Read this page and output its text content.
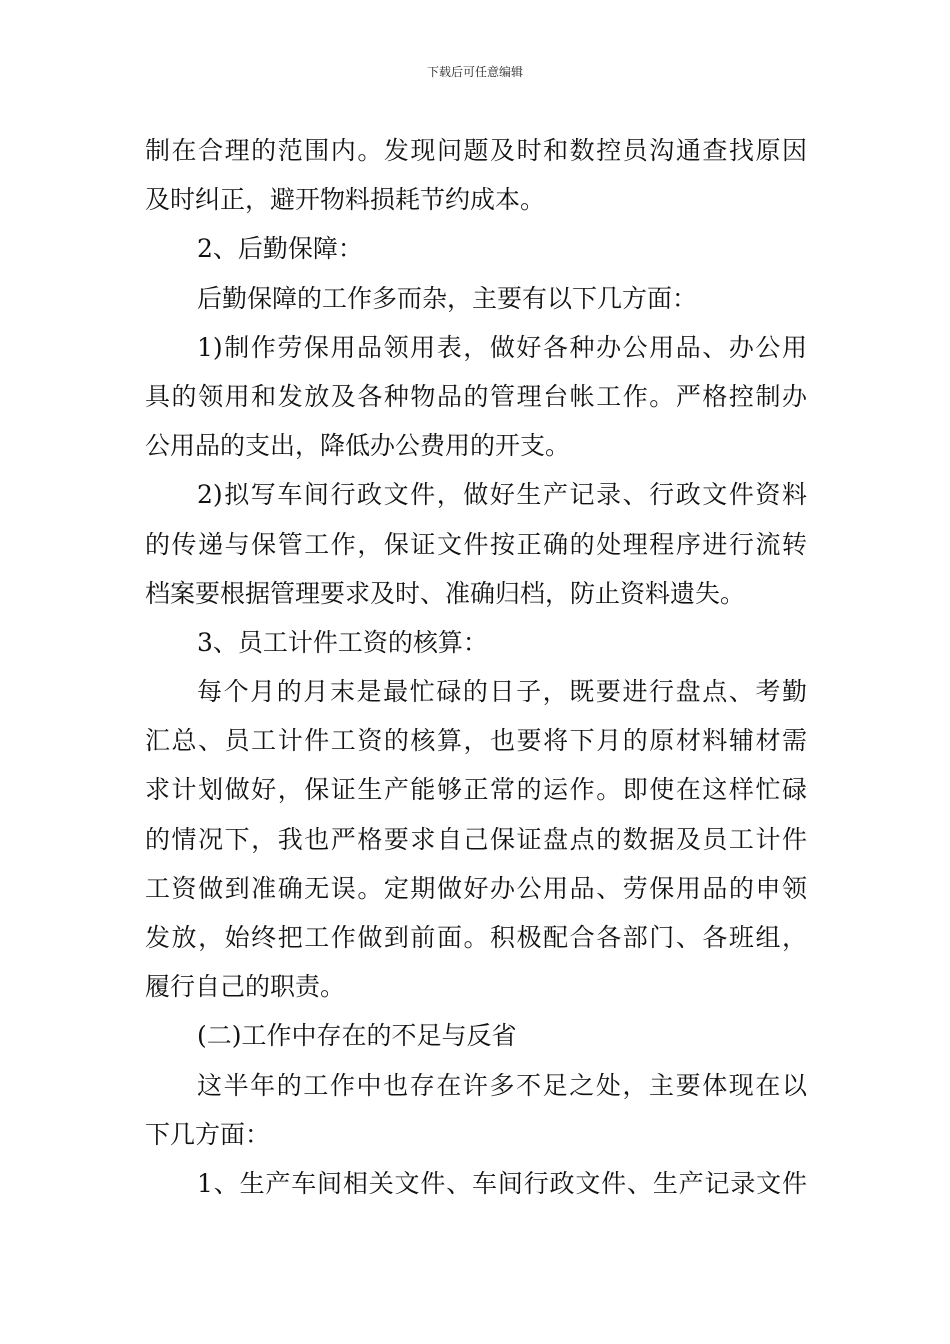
下载后可任意编辑
制在合理的范围内。发现问题及时和数控员沟通查找原因
及时纠正，避开物料损耗节约成本。
2、后勤保障：
后勤保障的工作多而杂，主要有以下几方面：
1)制作劳保用品领用表，做好各种办公用品、办公用
具的领用和发放及各种物品的管理台帐工作。严格控制办
公用品的支出，降低办公费用的开支。
2)拟写车间行政文件，做好生产记录、行政文件资料
的传递与保管工作，保证文件按正确的处理程序进行流转
档案要根据管理要求及时、准确归档，防止资料遗失。
3、员工计件工资的核算：
每个月的月末是最忙碌的日子，既要进行盘点、考勤
汇总、员工计件工资的核算，也要将下月的原材料辅材需
求计划做好，保证生产能够正常的运作。即使在这样忙碌
的情况下，我也严格要求自己保证盘点的数据及员工计件
工资做到准确无误。定期做好办公用品、劳保用品的申领
发放，始终把工作做到前面。积极配合各部门、各班组，
履行自己的职责。
(二)工作中存在的不足与反省
这半年的工作中也存在许多不足之处，主要体现在以
下几方面：
1、生产车间相关文件、车间行政文件、生产记录文件
